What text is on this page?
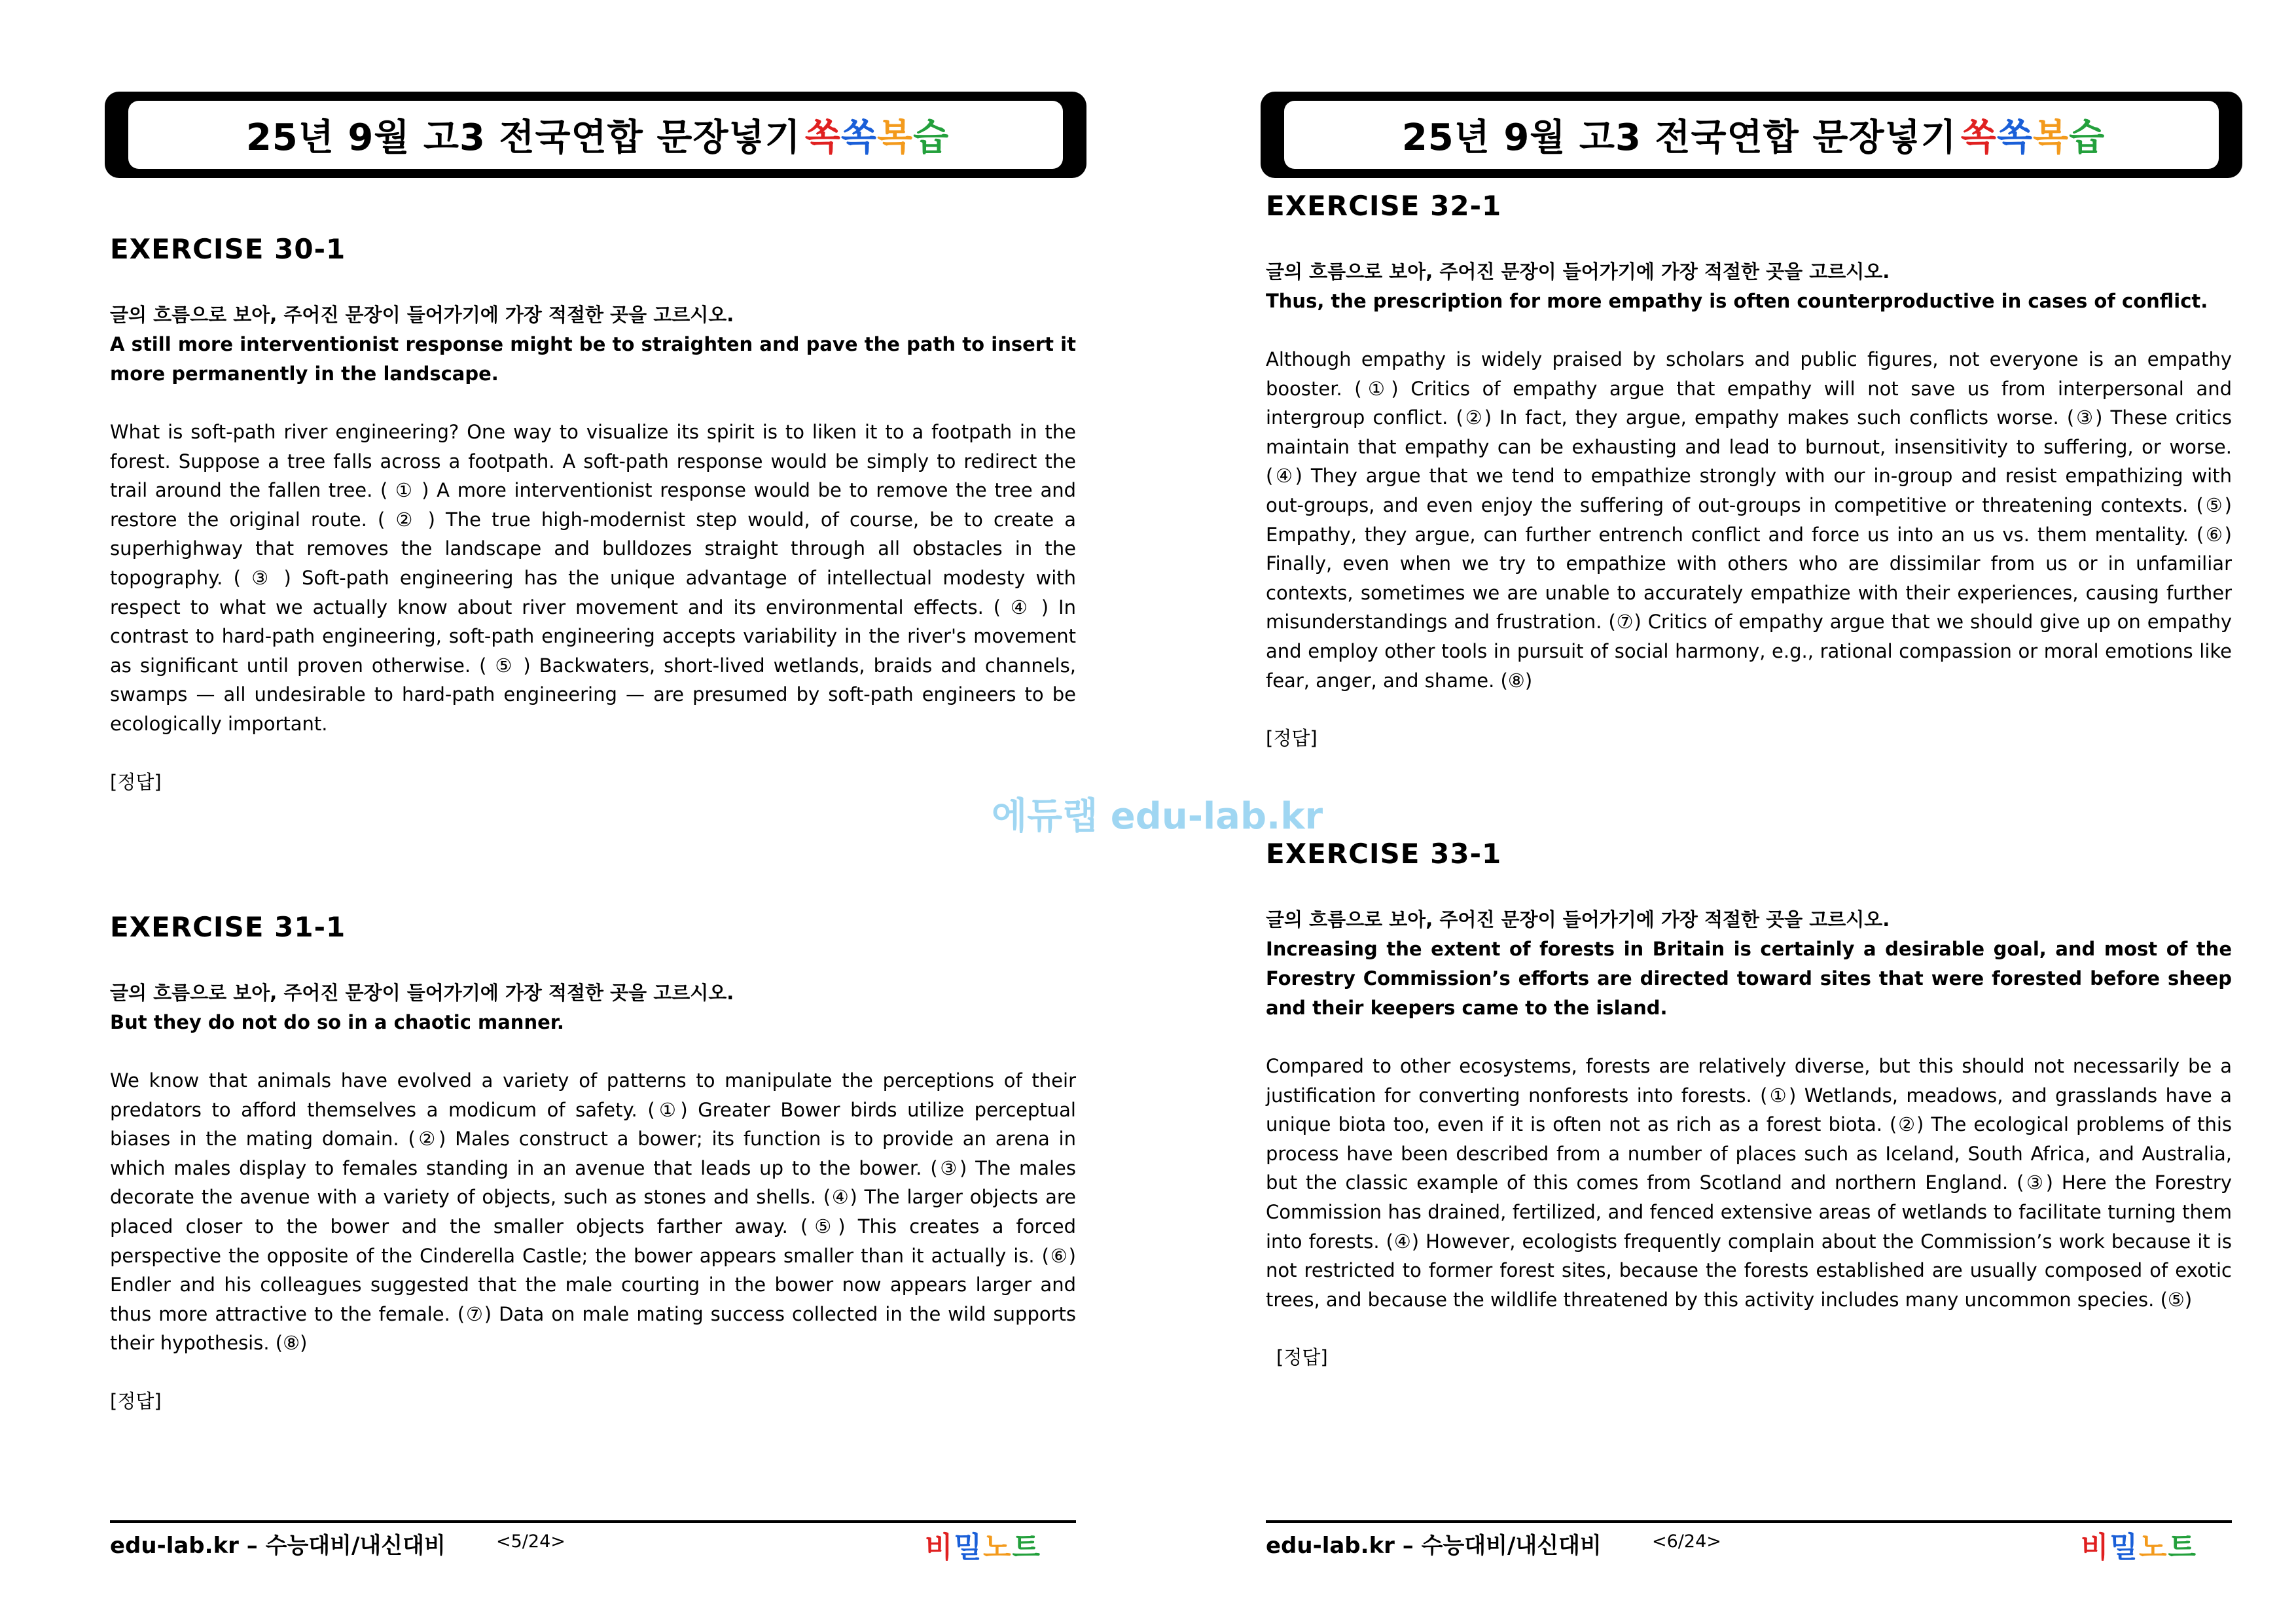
25년 9월 고3 전국연합 문장넣기 쏙쏙복습
EXERCISE 30-1
글의 흐름으로 보아, 주어진 문장이 들어가기에 가장 적절한 곳을 고르시오.
A still more interventionist response might be to straighten and pave the path to insert it more permanently in the landscape.
What is soft-path river engineering? One way to visualize its spirit is to liken it to a footpath in the forest. Suppose a tree falls across a footpath. A soft-path response would be simply to redirect the trail around the fallen tree. ( ① ) A more interventionist response would be to remove the tree and restore the original route. ( ② ) The true high-modernist step would, of course, be to create a superhighway that removes the landscape and bulldozes straight through all obstacles in the topography. ( ③ ) Soft-path engineering has the unique advantage of intellectual modesty with respect to what we actually know about river movement and its environmental effects. ( ④ ) In contrast to hard-path engineering, soft-path engineering accepts variability in the river's movement as significant until proven otherwise. ( ⑤ ) Backwaters, short-lived wetlands, braids and channels, swamps — all undesirable to hard-path engineering — are presumed by soft-path engineers to be ecologically important.
[정답]
EXERCISE 31-1
글의 흐름으로 보아, 주어진 문장이 들어가기에 가장 적절한 곳을 고르시오.
But they do not do so in a chaotic manner.
We know that animals have evolved a variety of patterns to manipulate the perceptions of their predators to afford themselves a modicum of safety. (①) Greater Bower birds utilize perceptual biases in the mating domain. (②) Males construct a bower; its function is to provide an arena in which males display to females standing in an avenue that leads up to the bower. (③) The males decorate the avenue with a variety of objects, such as stones and shells. (④) The larger objects are placed closer to the bower and the smaller objects farther away. (⑤) This creates a forced perspective the opposite of the Cinderella Castle; the bower appears smaller than it actually is. (⑥) Endler and his colleagues suggested that the male courting in the bower now appears larger and thus more attractive to the female. (⑦) Data on male mating success collected in the wild supports their hypothesis. (⑧)
[정답]
edu-lab.kr – 수능대비/내신대비	<5/24>	비밀노트
25년 9월 고3 전국연합 문장넣기 쏙쏙복습
EXERCISE 32-1
글의 흐름으로 보아, 주어진 문장이 들어가기에 가장 적절한 곳을 고르시오.
Thus, the prescription for more empathy is often counterproductive in cases of conflict.
Although empathy is widely praised by scholars and public figures, not everyone is an empathy booster. (①) Critics of empathy argue that empathy will not save us from interpersonal and intergroup conflict. (②) In fact, they argue, empathy makes such conflicts worse. (③) These critics maintain that empathy can be exhausting and lead to burnout, insensitivity to suffering, or worse. (④) They argue that we tend to empathize strongly with our in-group and resist empathizing with out-groups, and even enjoy the suffering of out-groups in competitive or threatening contexts. (⑤) Empathy, they argue, can further entrench conflict and force us into an us vs. them mentality. (⑥) Finally, even when we try to empathize with others who are dissimilar from us or in unfamiliar contexts, sometimes we are unable to accurately empathize with their experiences, causing further misunderstandings and frustration. (⑦) Critics of empathy argue that we should give up on empathy and employ other tools in pursuit of social harmony, e.g., rational compassion or moral emotions like fear, anger, and shame. (⑧)
[정답]
EXERCISE 33-1
글의 흐름으로 보아, 주어진 문장이 들어가기에 가장 적절한 곳을 고르시오.
Increasing the extent of forests in Britain is certainly a desirable goal, and most of the Forestry Commission’s efforts are directed toward sites that were forested before sheep and their keepers came to the island.
Compared to other ecosystems, forests are relatively diverse, but this should not necessarily be a justification for converting nonforests into forests. (①) Wetlands, meadows, and grasslands have a unique biota too, even if it is often not as rich as a forest biota. (②) The ecological problems of this process have been described from a number of places such as Iceland, South Africa, and Australia, but the classic example of this comes from Scotland and northern England. (③) Here the Forestry Commission has drained, fertilized, and fenced extensive areas of wetlands to facilitate turning them into forests. (④) However, ecologists frequently complain about the Commission’s work because it is not restricted to former forest sites, because the forests established are usually composed of exotic trees, and because the wildlife threatened by this activity includes many uncommon species. (⑤)
[정답]
edu-lab.kr – 수능대비/내신대비	<6/24>	비밀노트
에듀랩 edu-lab.kr
